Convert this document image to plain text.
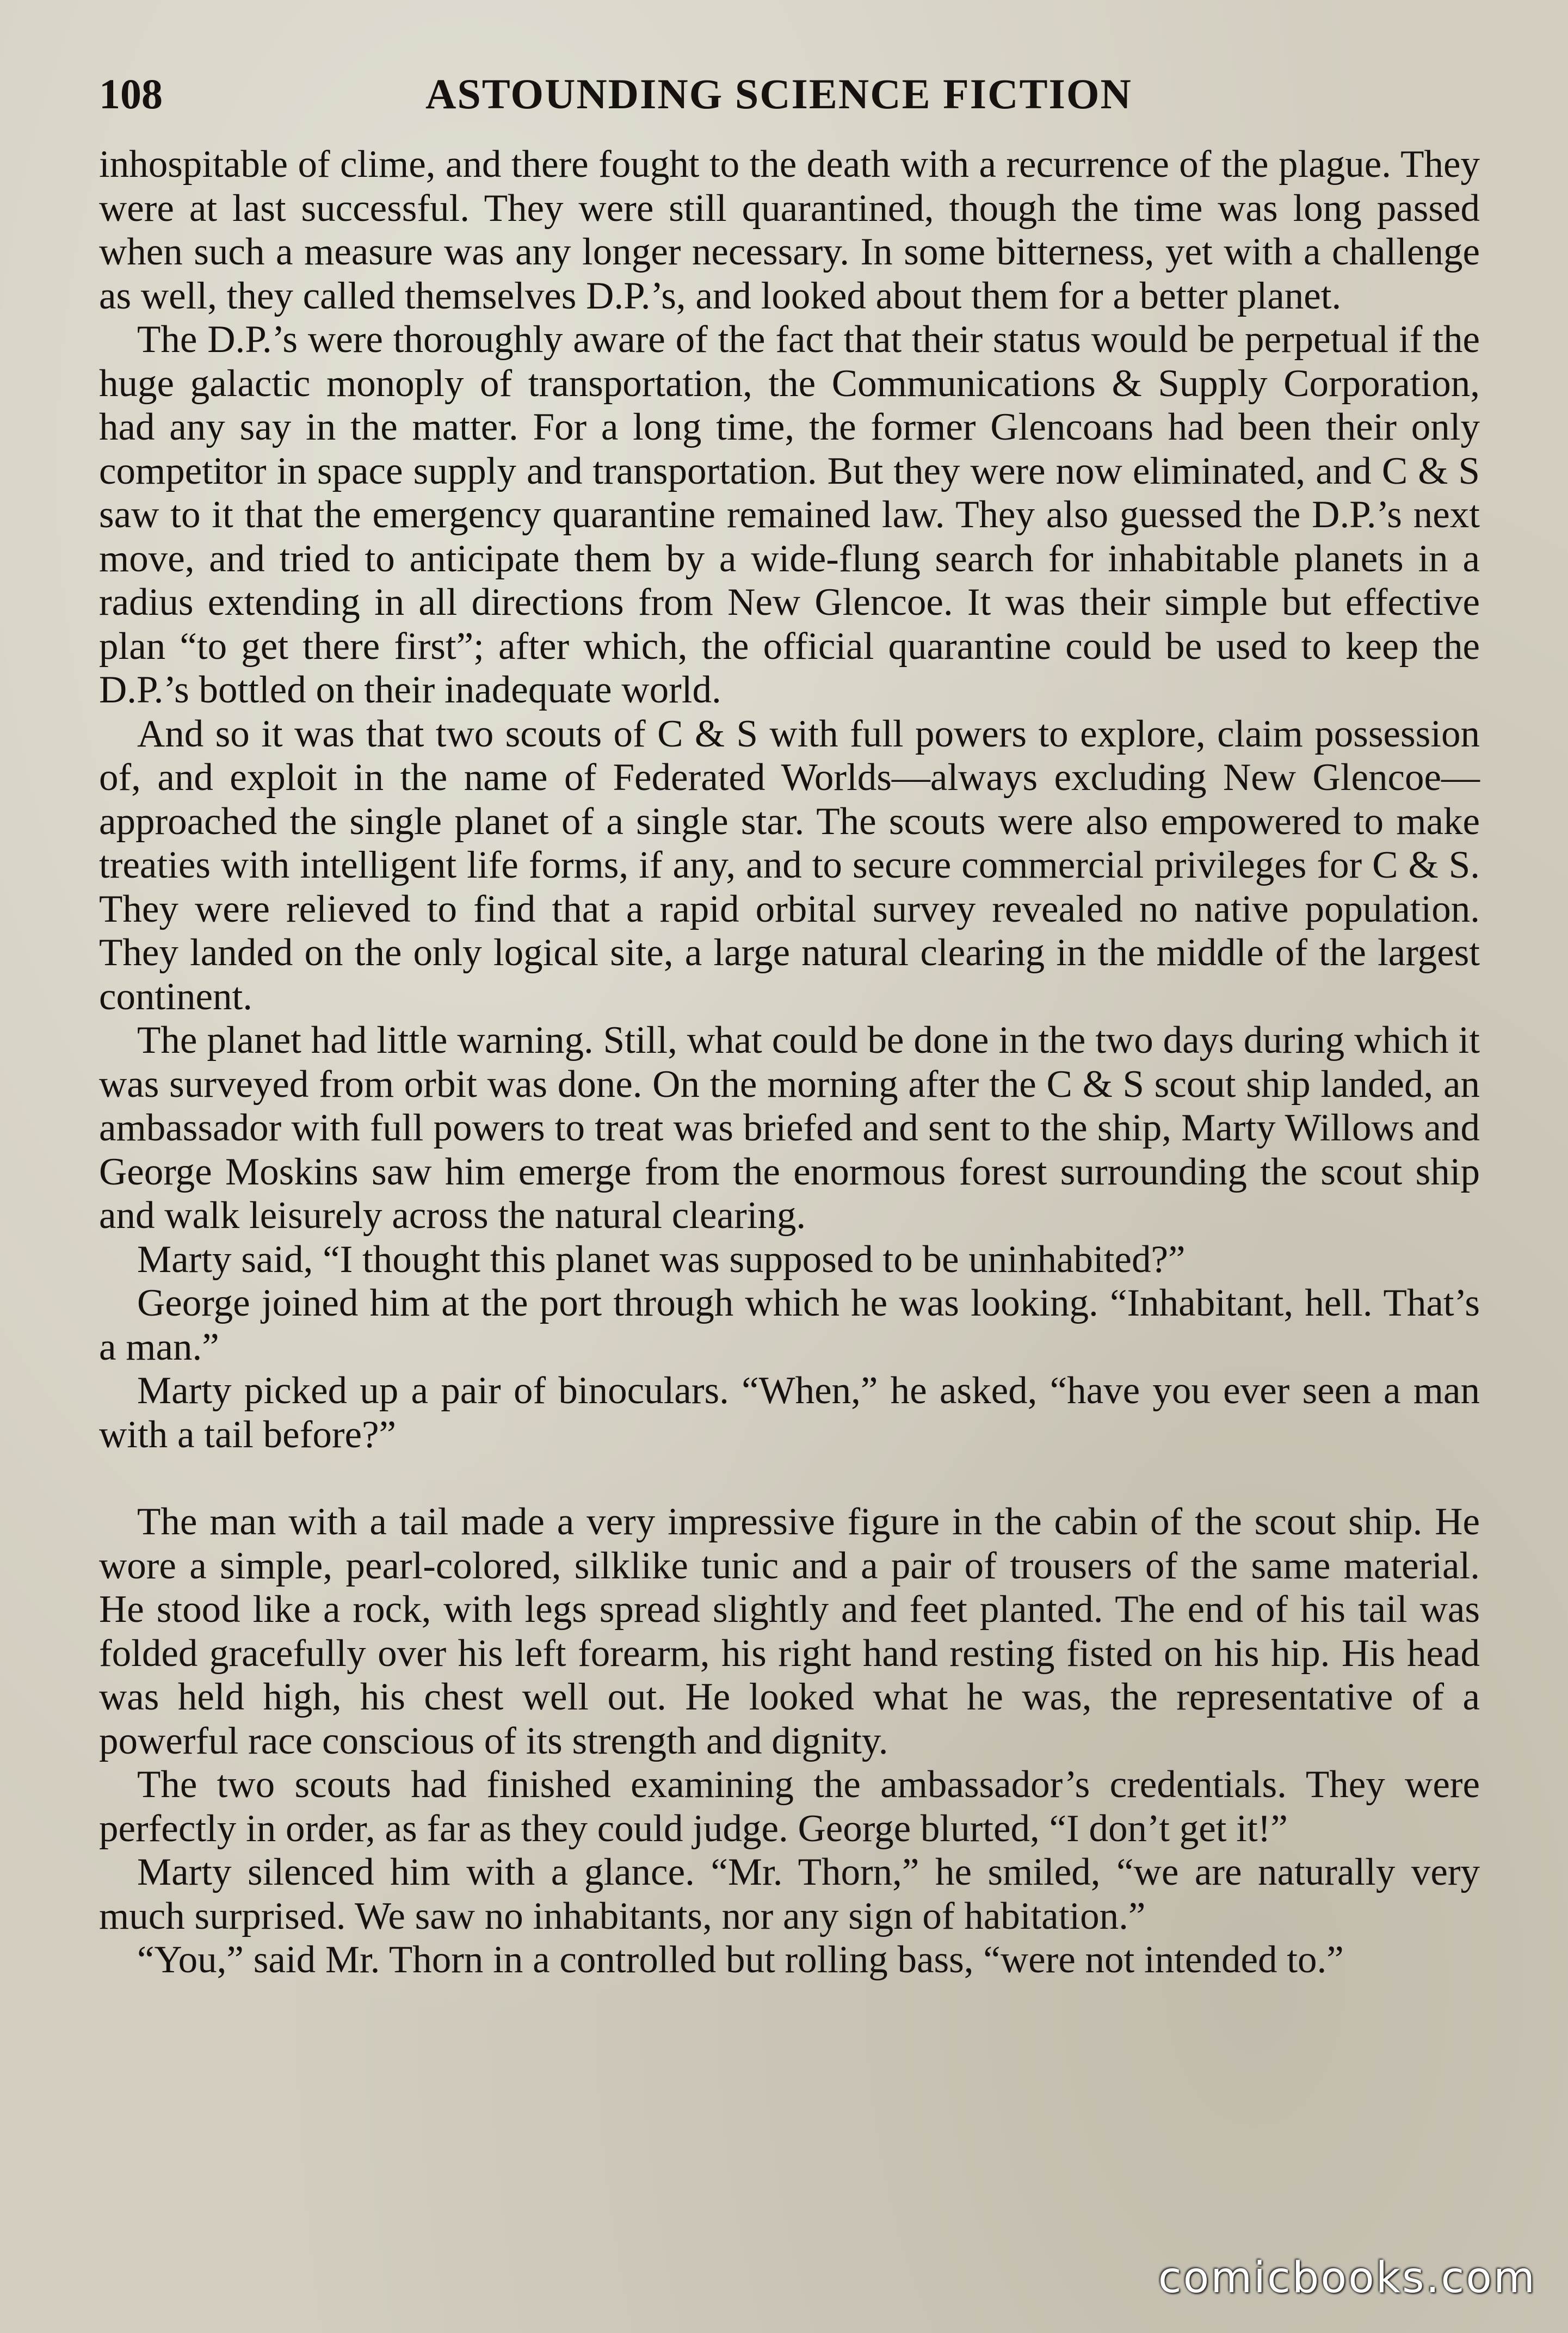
108	ASTOUNDING SCIENCE FICTION

inhospitable of clime, and there fought to the death with a recurrence of the plague. They were at last successful. They were still quarantined, though the time was long passed when such a measure was any longer necessary. In some bitterness, yet with a challenge as well, they called themselves D.P.’s, and looked about them for a better planet.

The D.P.’s were thoroughly aware of the fact that their status would be perpetual if the huge galactic monoply of transportation, the Communications & Supply Corporation, had any say in the matter. For a long time, the former Glencoans had been their only competitor in space supply and transportation. But they were now eliminated, and C & S saw to it that the emergency quarantine remained law. They also guessed the D.P.’s next move, and tried to anticipate them by a wide-flung search for inhabitable planets in a radius extending in all directions from New Glencoe. It was their simple but effective plan “to get there first”; after which, the official quarantine could be used to keep the D.P.’s bottled on their inadequate world.

And so it was that two scouts of C & S with full powers to explore, claim possession of, and exploit in the name of Federated Worlds—always excluding New Glencoe—approached the single planet of a single star. The scouts were also empowered to make treaties with intelligent life forms, if any, and to secure commercial privileges for C & S. They were relieved to find that a rapid orbital survey revealed no native population. They landed on the only logical site, a large natural clearing in the middle of the largest continent.

The planet had little warning. Still, what could be done in the two days during which it was surveyed from orbit was done. On the morning after the C & S scout ship landed, an ambassador with full powers to treat was briefed and sent to the ship, Marty Willows and George Moskins saw him emerge from the enormous forest surrounding the scout ship and walk leisurely across the natural clearing.

Marty said, “I thought this planet was supposed to be uninhabited?”

George joined him at the port through which he was looking. “Inhabitant, hell. That’s a man.”

Marty picked up a pair of binoculars. “When,” he asked, “have you ever seen a man with a tail before?”

The man with a tail made a very impressive figure in the cabin of the scout ship. He wore a simple, pearl-colored, silklike tunic and a pair of trousers of the same material. He stood like a rock, with legs spread slightly and feet planted. The end of his tail was folded gracefully over his left forearm, his right hand resting fisted on his hip. His head was held high, his chest well out. He looked what he was, the representative of a powerful race conscious of its strength and dignity.

The two scouts had finished examining the ambassador’s credentials. They were perfectly in order, as far as they could judge. George blurted, “I don’t get it!”

Marty silenced him with a glance. “Mr. Thorn,” he smiled, “we are naturally very much surprised. We saw no inhabitants, nor any sign of habitation.”

“You,” said Mr. Thorn in a controlled but rolling bass, “were not intended to.”

comicbooks.com
